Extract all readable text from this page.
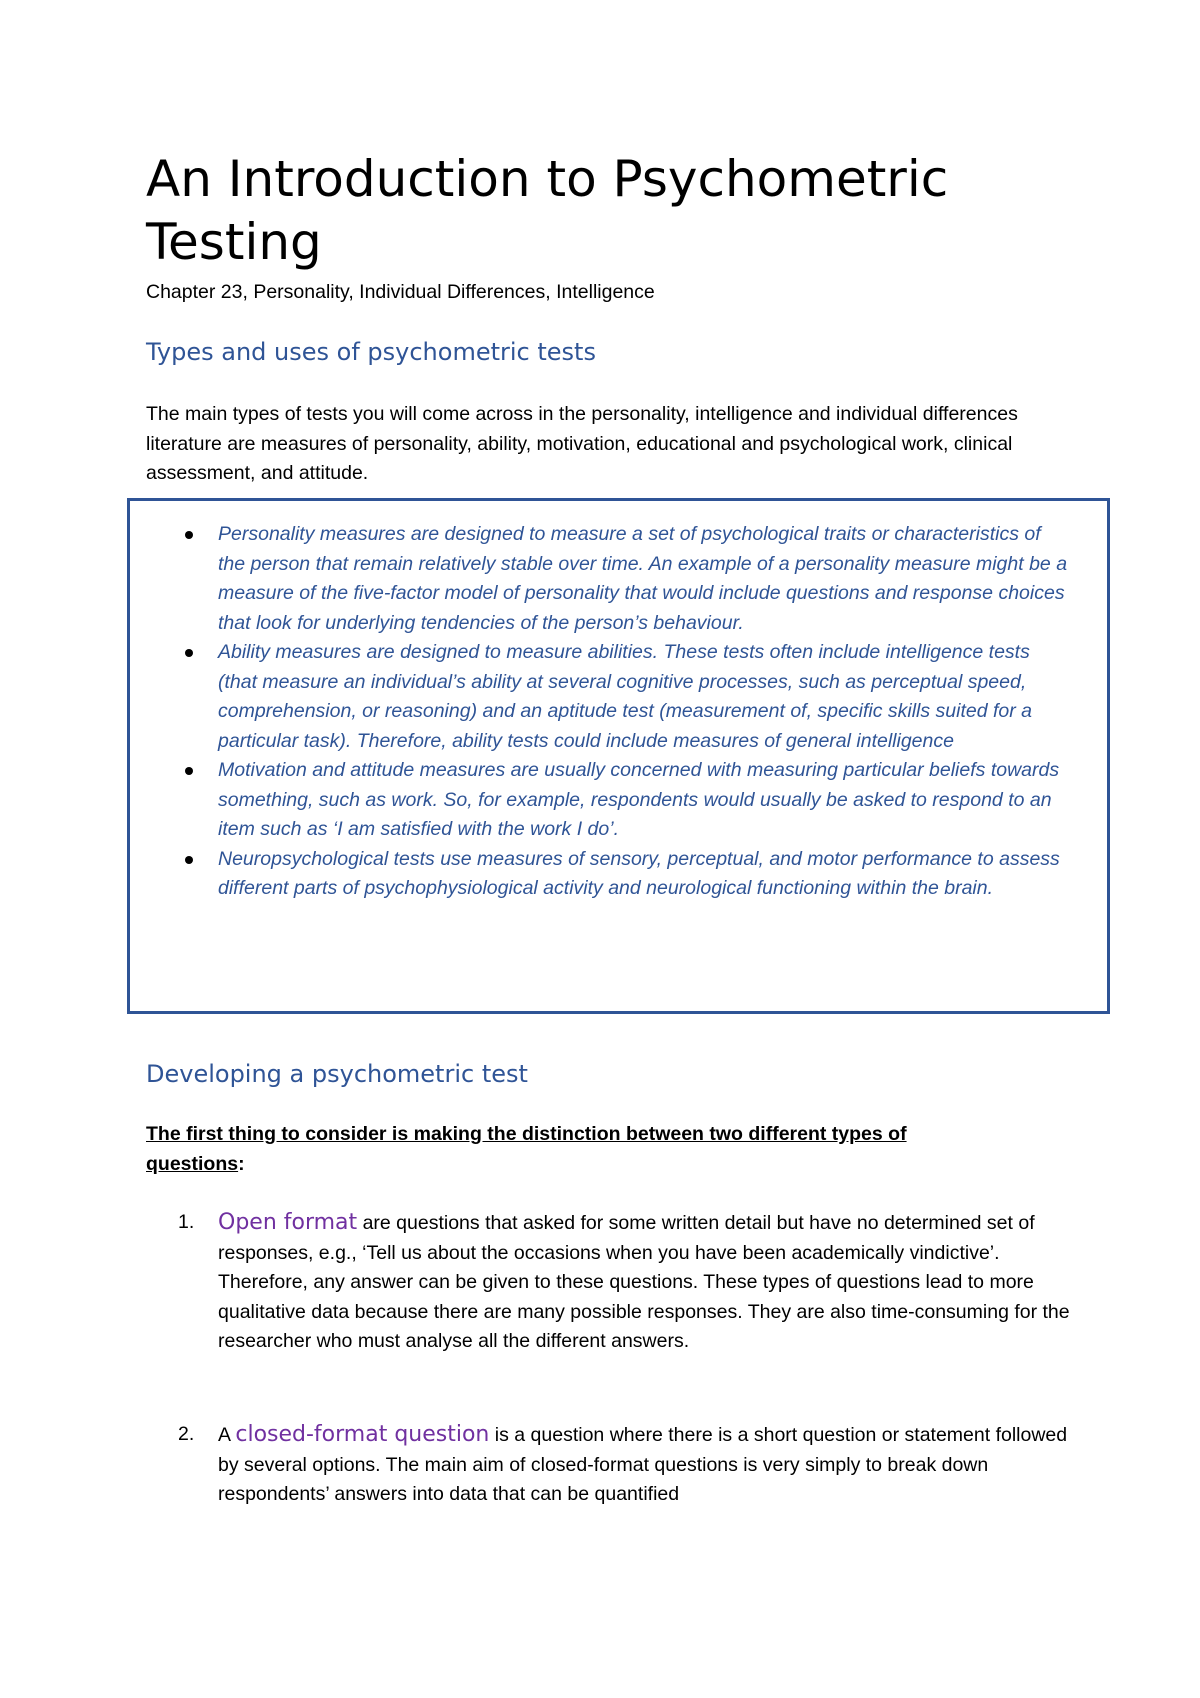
An Introduction to Psychometric Testing

Chapter 23, Personality, Individual Differences, Intelligence

Types and uses of psychometric tests

The main types of tests you will come across in the personality, intelligence and individual differences literature are measures of personality, ability, motivation, educational and psychological work, clinical assessment, and attitude.

Personality measures are designed to measure a set of psychological traits or characteristics of the person that remain relatively stable over time. An example of a personality measure might be a measure of the five-factor model of personality that would include questions and response choices that look for underlying tendencies of the person’s behaviour.
Ability measures are designed to measure abilities. These tests often include intelligence tests (that measure an individual’s ability at several cognitive processes, such as perceptual speed, comprehension, or reasoning) and an aptitude test (measurement of, specific skills suited for a particular task). Therefore, ability tests could include measures of general intelligence
Motivation and attitude measures are usually concerned with measuring particular beliefs towards something, such as work. So, for example, respondents would usually be asked to respond to an item such as ‘I am satisfied with the work I do’.
Neuropsychological tests use measures of sensory, perceptual, and motor performance to assess different parts of psychophysiological activity and neurological functioning within the brain.
Developing a psychometric test

The first thing to consider is making the distinction between two different types of questions:

1. Open format are questions that asked for some written detail but have no determined set of responses, e.g., ‘Tell us about the occasions when you have been academically vindictive’. Therefore, any answer can be given to these questions. These types of questions lead to more qualitative data because there are many possible responses. They are also time-consuming for the researcher who must analyse all the different answers.
2. A closed-format question is a question where there is a short question or statement followed by several options. The main aim of closed-format questions is very simply to break down respondents’ answers into data that can be quantified
